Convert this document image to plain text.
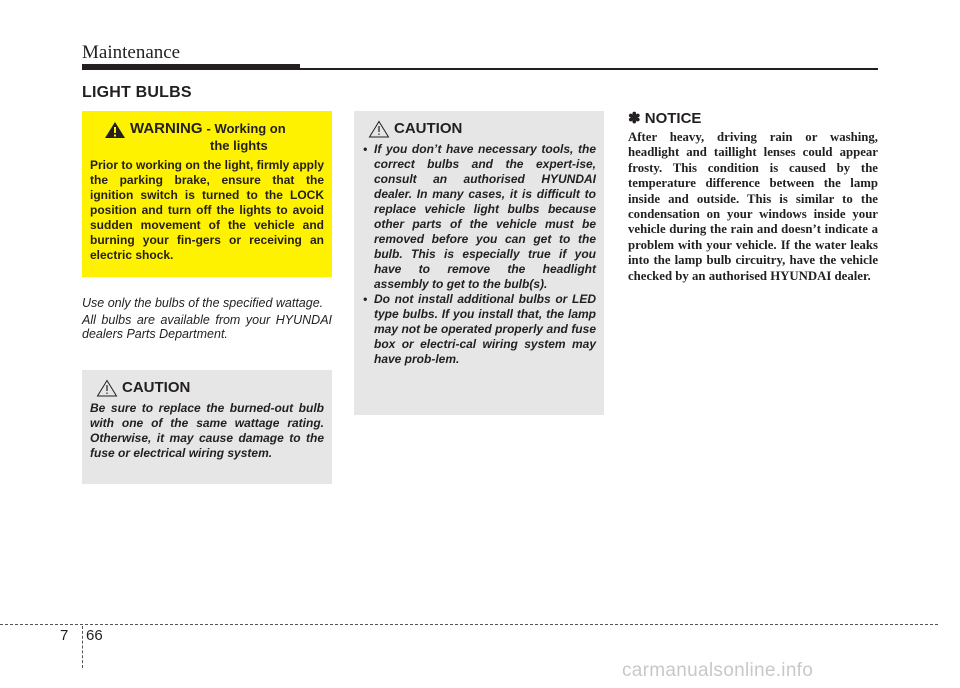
Maintenance
LIGHT BULBS
WARNING - Working on
the lights

Prior to working on the light, firmly apply the parking brake, ensure that the ignition switch is turned to the LOCK position and turn off the lights to avoid sudden movement of the vehicle and burning your fin-gers or receiving an electric shock.

Use only the bulbs of the specified wattage.

All bulbs are available from your HYUNDAI dealers Parts Department.

CAUTION

Be sure to replace the burned-out bulb with one of the same wattage rating. Otherwise, it may cause damage to the fuse or electrical wiring system.

CAUTION
• If you don’t have necessary tools, the correct bulbs and the expert-ise, consult an authorised HYUNDAI dealer. In many cases, it is difficult to replace vehicle light bulbs because other parts of the vehicle must be removed before you can get to the bulb. This is especially true if you have to remove the headlight assembly to get to the bulb(s).
• Do not install additional bulbs or LED type bulbs. If you install that, the lamp may not be operated properly and fuse box or electri-cal wiring system may have prob-lem.
✽ NOTICE

After heavy, driving rain or washing, headlight and taillight lenses could appear frosty. This condition is caused by the temperature difference between the lamp inside and outside. This is similar to the condensation on your windows inside your vehicle during the rain and doesn’t indicate a problem with your vehicle. If the water leaks into the lamp bulb circuitry, have the vehicle checked by an authorised HYUNDAI dealer.

7 66
carmanualsonline.info
